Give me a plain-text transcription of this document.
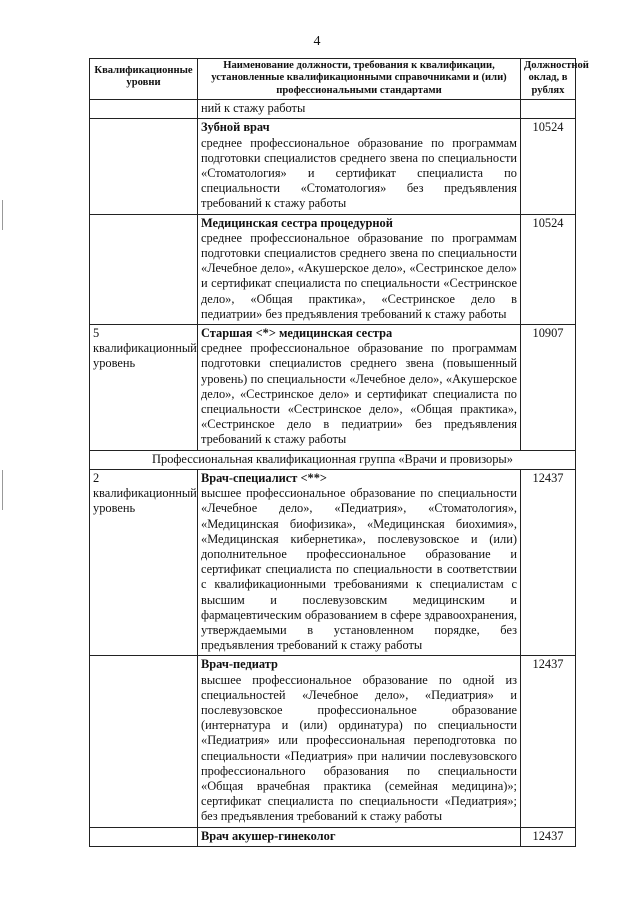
4
Квалификационные уровни	Наименование должности, требования к квалификации, установленные квалификационными справочниками и (или) профессиональными стандартами	Должностной оклад, в рублях

	ний к стажу работы	

	Зубной врач
среднее профессиональное образование по программам подготовки специалистов среднего звена по специальности «Стоматология» и сертификат специалиста по специальности «Стоматология» без предъявления требований к стажу работы	10524

	Медицинская сестра процедурной
среднее профессиональное образование по программам подготовки специалистов среднего звена по специальности «Лечебное дело», «Акушерское дело», «Сестринское дело» и сертификат специалиста по специальности «Сестринское дело», «Общая практика», «Сестринское дело в педиатрии» без предъявления требований к стажу работы	10524
5 квалификационный уровень	Старшая <*> медицинская сестра
среднее профессиональное образование по программам подготовки специалистов среднего звена (повышенный уровень) по специальности «Лечебное дело», «Акушерское дело», «Сестринское дело» и сертификат специалиста по специальности «Сестринское дело», «Общая практика», «Сестринское дело в педиатрии» без предъявления требований к стажу работы	10907
Профессиональная квалификационная группа «Врачи и провизоры»		
2 квалификационный уровень	Врач-специалист <**>
высшее профессиональное образование по специальности «Лечебное дело», «Педиатрия», «Стоматология», «Медицинская биофизика», «Медицинская биохимия», «Медицинская кибернетика», послевузовское и (или) дополнительное профессиональное образование и сертификат специалиста по специальности в соответствии с квалификационными требованиями к специалистам с высшим и послевузовским медицинским и фармацевтическим образованием в сфере здравоохранения, утверждаемыми в установленном порядке, без предъявления требований к стажу работы	12437

	Врач-педиатр
высшее профессиональное образование по одной из специальностей «Лечебное дело», «Педиатрия» и послевузовское профессиональное образование (интернатура и (или) ординатура) по специальности «Педиатрия» или профессиональная переподготовка по специальности «Педиатрия» при наличии послевузовского профессионального образования по специальности «Общая врачебная практика (семейная медицина)»; сертификат специалиста по специальности «Педиатрия»; без предъявления требований к стажу работы	12437

	Врач акушер-гинеколог	12437
